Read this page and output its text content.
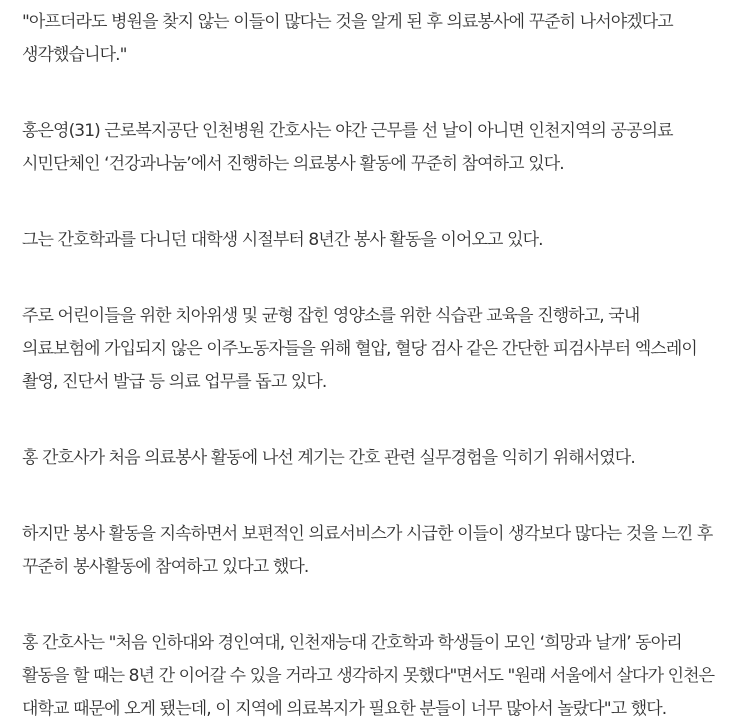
"아프더라도 병원을 찾지 않는 이들이 많다는 것을 알게 된 후 의료봉사에 꾸준히 나서야겠다고 생각했습니다."

홍은영(31) 근로복지공단 인천병원 간호사는 야간 근무를 선 날이 아니면 인천지역의 공공의료 시민단체인 ‘건강과나눔’에서 진행하는 의료봉사 활동에 꾸준히 참여하고 있다.

그는 간호학과를 다니던 대학생 시절부터 8년간 봉사 활동을 이어오고 있다.

주로 어린이들을 위한 치아위생 및 균형 잡힌 영양소를 위한 식습관 교육을 진행하고, 국내 의료보험에 가입되지 않은 이주노동자들을 위해 혈압, 혈당 검사 같은 간단한 피검사부터 엑스레이 촬영, 진단서 발급 등 의료 업무를 돕고 있다.

홍 간호사가 처음 의료봉사 활동에 나선 계기는 간호 관련 실무경험을 익히기 위해서였다.

하지만 봉사 활동을 지속하면서 보편적인 의료서비스가 시급한 이들이 생각보다 많다는 것을 느낀 후 꾸준히 봉사활동에 참여하고 있다고 했다.

홍 간호사는 "처음 인하대와 경인여대, 인천재능대 간호학과 학생들이 모인 ‘희망과 날개’ 동아리 활동을 할 때는 8년 간 이어갈 수 있을 거라고 생각하지 못했다"면서도 "원래 서울에서 살다가 인천은 대학교 때문에 오게 됐는데, 이 지역에 의료복지가 필요한 분들이 너무 많아서 놀랐다"고 했다.
